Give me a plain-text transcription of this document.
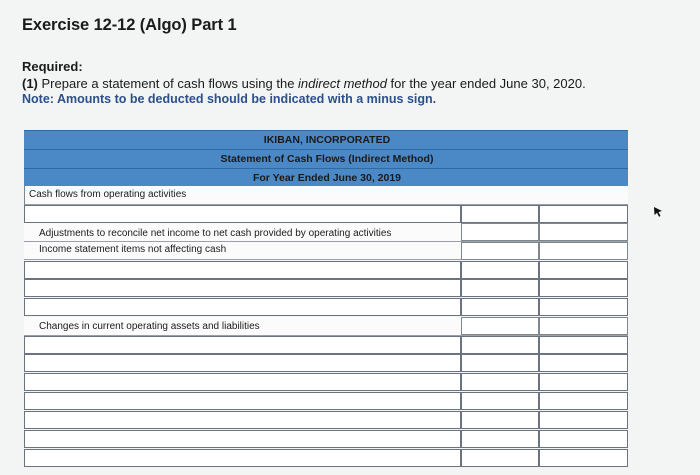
Exercise 12-12 (Algo) Part 1
Required:
(1) Prepare a statement of cash flows using the indirect method for the year ended June 30, 2020.
Note: Amounts to be deducted should be indicated with a minus sign.
IKIBAN, INCORPORATED
Statement of Cash Flows (Indirect Method)
For Year Ended June 30, 2019
Cash flows from operating activities
Adjustments to reconcile net income to net cash provided by operating activities
Income statement items not affecting cash
Changes in current operating assets and liabilities
